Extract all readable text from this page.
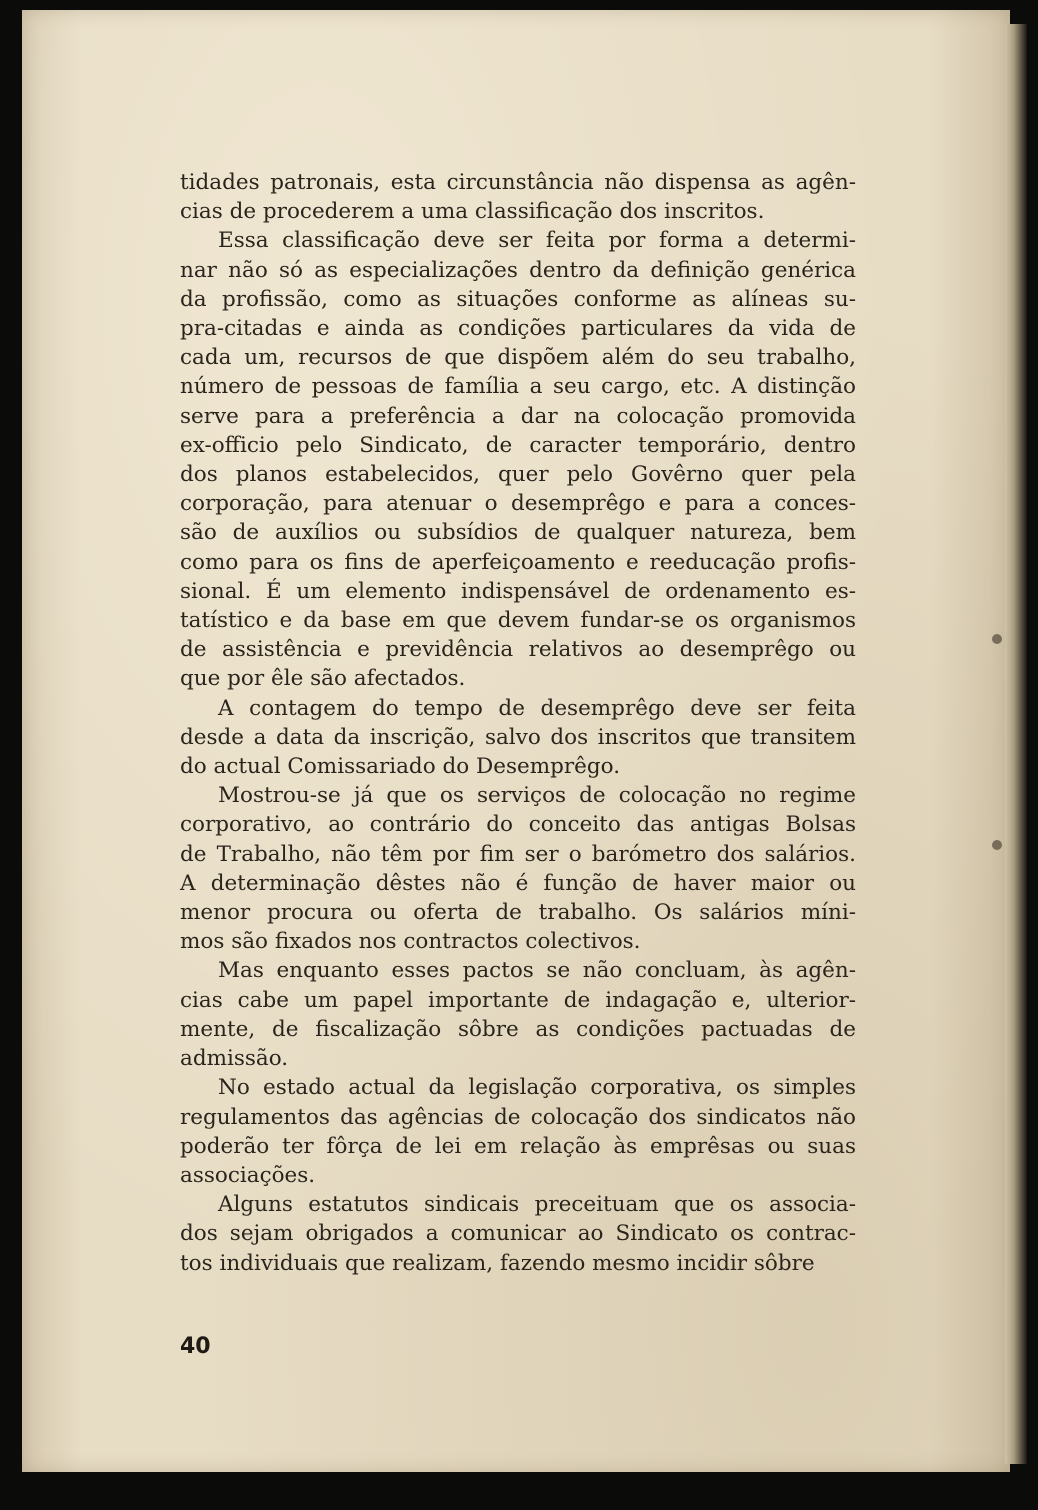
tidades patronais, esta circunstância não dispensa as agên-
cias de procederem a uma classificação dos inscritos.

Essa classificação deve ser feita por forma a determi-
nar não só as especializações dentro da definição genérica
da profissão, como as situações conforme as alíneas su-
pra-citadas e ainda as condições particulares da vida de
cada um, recursos de que dispõem além do seu trabalho,
número de pessoas de família a seu cargo, etc. A distinção
serve para a preferência a dar na colocação promovida
ex-officio pelo Sindicato, de caracter temporário, dentro
dos planos estabelecidos, quer pelo Govêrno quer pela
corporação, para atenuar o desemprêgo e para a conces-
são de auxílios ou subsídios de qualquer natureza, bem
como para os fins de aperfeiçoamento e reeducação profis-
sional. É um elemento indispensável de ordenamento es-
tatístico e da base em que devem fundar-se os organismos
de assistência e previdência relativos ao desemprêgo ou
que por êle são afectados.

A contagem do tempo de desemprêgo deve ser feita
desde a data da inscrição, salvo dos inscritos que transitem
do actual Comissariado do Desemprêgo.

Mostrou-se já que os serviços de colocação no regime
corporativo, ao contrário do conceito das antigas Bolsas
de Trabalho, não têm por fim ser o barómetro dos salários.
A determinação dêstes não é função de haver maior ou
menor procura ou oferta de trabalho. Os salários míni-
mos são fixados nos contractos colectivos.

Mas enquanto esses pactos se não concluam, às agên-
cias cabe um papel importante de indagação e, ulterior-
mente, de fiscalização sôbre as condições pactuadas de
admissão.

No estado actual da legislação corporativa, os simples
regulamentos das agências de colocação dos sindicatos não
poderão ter fôrça de lei em relação às emprêsas ou suas
associações.

Alguns estatutos sindicais preceituam que os associa-
dos sejam obrigados a comunicar ao Sindicato os contrac-
tos individuais que realizam, fazendo mesmo incidir sôbre

40
